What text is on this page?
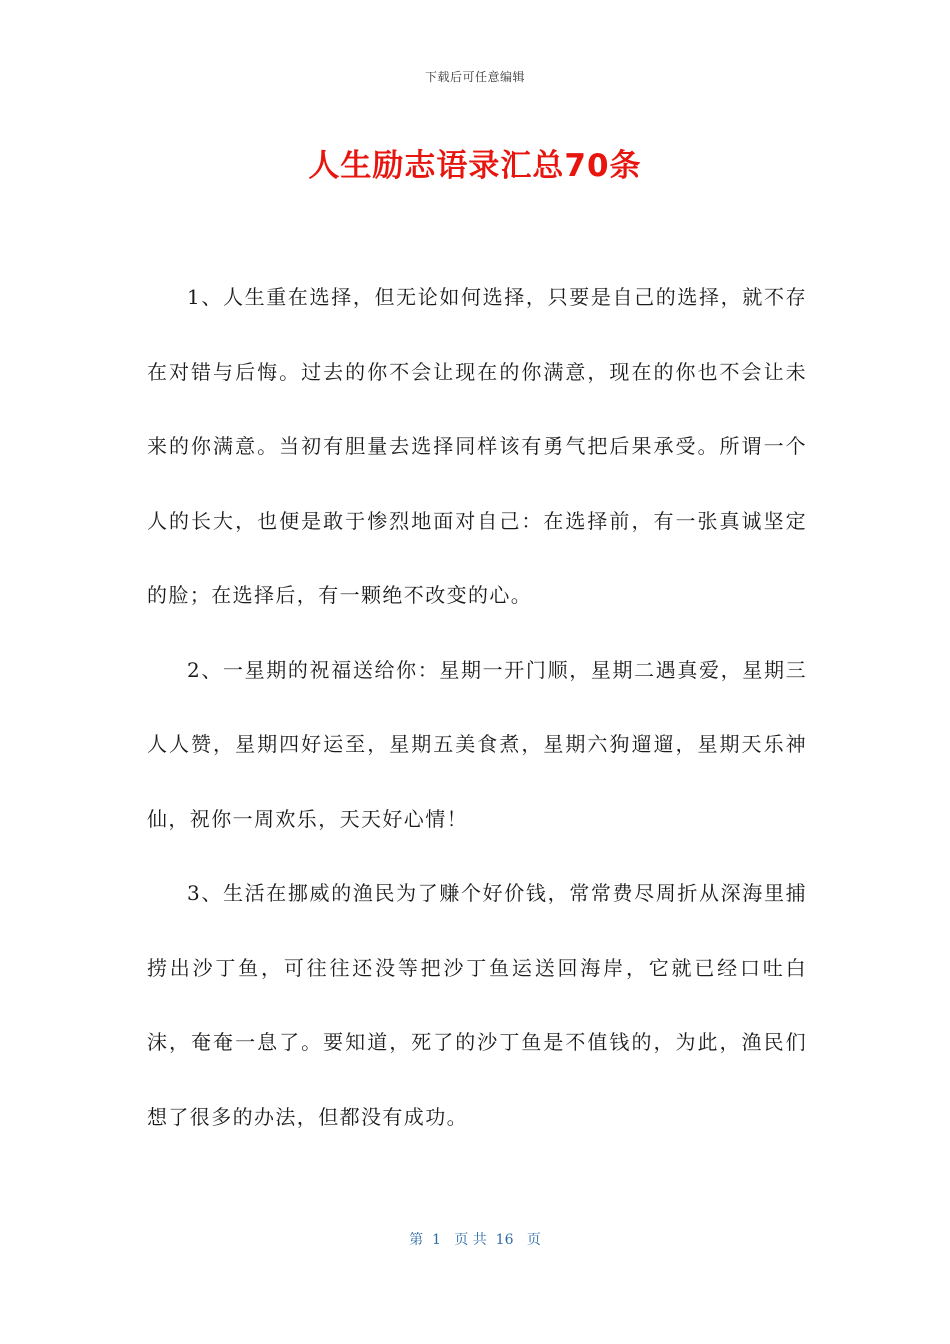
下载后可任意编辑
人生励志语录汇总70条

1、人生重在选择，但无论如何选择，只要是自己的选择，就不存在对错与后悔。过去的你不会让现在的你满意，现在的你也不会让未来的你满意。当初有胆量去选择同样该有勇气把后果承受。所谓一个人的长大，也便是敢于惨烈地面对自己：在选择前，有一张真诚坚定的脸；在选择后，有一颗绝不改变的心。

2、一星期的祝福送给你：星期一开门顺，星期二遇真爱，星期三人人赞，星期四好运至，星期五美食煮，星期六狗遛遛，星期天乐神仙，祝你一周欢乐，天天好心情！

3、生活在挪威的渔民为了赚个好价钱，常常费尽周折从深海里捕捞出沙丁鱼，可往往还没等把沙丁鱼运送回海岸，它就已经口吐白沫，奄奄一息了。要知道，死了的沙丁鱼是不值钱的，为此，渔民们想了很多的办法，但都没有成功。

第  1   页 共  16   页
